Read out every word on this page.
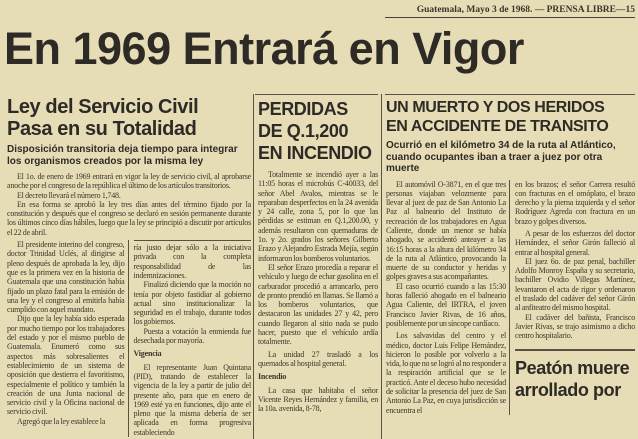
Guatemala, Mayo 3 de 1968. — PRENSA LIBRE—15
En 1969 Entrará en Vigor
Ley del Servicio Civil
Pasa en su Totalidad
Disposición transitoria deja tiempo para integrar los organismos creados por la misma ley

El 1o. de enero de 1969 entrará en vigor la ley de servicio civil, al aprobarse anoche por el congreso de la república el último de los artículos transitorios.

El decreto llevará el número 1,748.

En esa forma se aprobó la ley tres días antes del término fijado por la constitución y después que el congreso se declaró en sesión permanente durante los últimos cinco días hábiles, luego que la ley se principió a discutir por artículos el 22 de abril.

El presidente interino del congreso, doctor Trinidad Uclés, al dirigirse al pleno después de aprobada la ley, dijo que es la primera vez en la historia de Guatemala que una constitución había fijado un plazo fatal para la emisión de una ley y el congreso al emitirla había cumplido con aquel mandato.

Dijo que la ley había sido esperada por mucho tiempo por los trabajadores del estado y por el mismo pueblo de Guatemala. Enumeró como sus aspectos más sobresalientes el establecimiento de un sistema de oposición que destierra el favoritismo, especialmente el político y también la creación de una Junta nacional de servicio civil y la Oficina nacional de servicio civil.

Agregó que la ley establece la

ría justo dejar sólo a la iniciativa privada con la completa responsabilidad de las indemnizaciones.

Finalizó diciendo que la moción no tenía por objeto fastidiar al gobierno actual sino institucionalizar la seguridad en el trabajo, durante todos los gobiernos.

Puesta a votación la enmienda fue desechada por mayoría.

Vigencia

El representante Juan Quintana (PID), tratando de establecer la vigencia de la ley a partir de julio del presente año, para que en enero de 1969 esté ya en funciones, dijo ante el pleno que la misma debería de ser aplicada en forma progresiva estableciendo

PERDIDAS
DE Q.1,200
EN INCENDIO

Totalmente se incendió ayer a las 11:05 horas el microbús C-40033, del señor Abel Avalos, mientras se le reparaban desperfectos en la 24 avenida y 24 calle, zona 5, por lo que las pérdidas se estiman en Q.1,200.00, y además resultaron con quemaduras de 1o. y 2o. grados los señores Gilberto Erazo y Alejandro Estrada Mejía, según informaron los bomberos voluntarios.

El señor Erazo procedía a reparar el vehículo y luego de echar gasolina en el carburador procedió a arrancarlo, pero de pronto prendió en llamas. Se llamó a los bomberos voluntarios, que destacaron las unidades 27 y 42, pero cuando llegaron al sitio nada se pudo hacer, puesto que el vehículo ardía totalmente.

La unidad 27 trasladó a los quemados al hospital general.

Incendio

La casa que habitaba el señor Vicente Reyes Hernández y familia, en la 10a. avenida, 8-78,

UN MUERTO Y DOS HERIDOS
EN ACCIDENTE DE TRANSITO
Ocurrió en el kilómetro 34 de la ruta al Atlántico, cuando ocupantes iban a traer a juez por otra muerte

El automóvil O-3871, en el que tres personas viajaban velozmente para llevar al juez de paz de San Antonio La Paz al balneario del Instituto de recreación de los trabajadores en Agua Caliente, donde un menor se había ahogado, se accidentó anteayer a las 16:15 horas a la altura del kilómetro 34 de la ruta al Atlántico, provocando la muerte de su conductor y heridas y golpes graves a sus acompañantes.

El caso ocurrió cuando a las 15:30 horas falleció ahogado en el balneario Agua Caliente, del IRTRA, el joven Francisco Javier Rivas, de 16 años, posiblemente por un síncope cardíaco.

Los salvavidas del centro y el médico, doctor Luis Felipe Hernández, hicieron lo posible por volverlo a la vida, lo que no se logró al no responder a la respiración artificial que se le practicó. Ante el deceso hubo necesidad de solicitar la presencia del juez de San Antonio La Paz, en cuya jurisdicción se encuentra el

en los brazos; el señor Carrera resultó con fracturas en el omóplato, el brazo derecho y la pierna izquierda y el señor Rodríguez Agreda con fractura en un brazo y golpes diversos.

A pesar de los esfuerzos del doctor Hernández, el señor Girón falleció al entrar al hospital general.

El juez 6o. de paz penal, bachiller Adolfo Monroy España y su secretario, bachiller Ovidio Villegas Martínez, levantaron el acta de rigor y ordenaron el traslado del cadáver del señor Girón al anfiteatro del mismo hospital.

El cadáver del bañista, Francisco Javier Rivas, se trajo asimismo a dicho centro hospitalario.

Peatón muere
arrollado por
